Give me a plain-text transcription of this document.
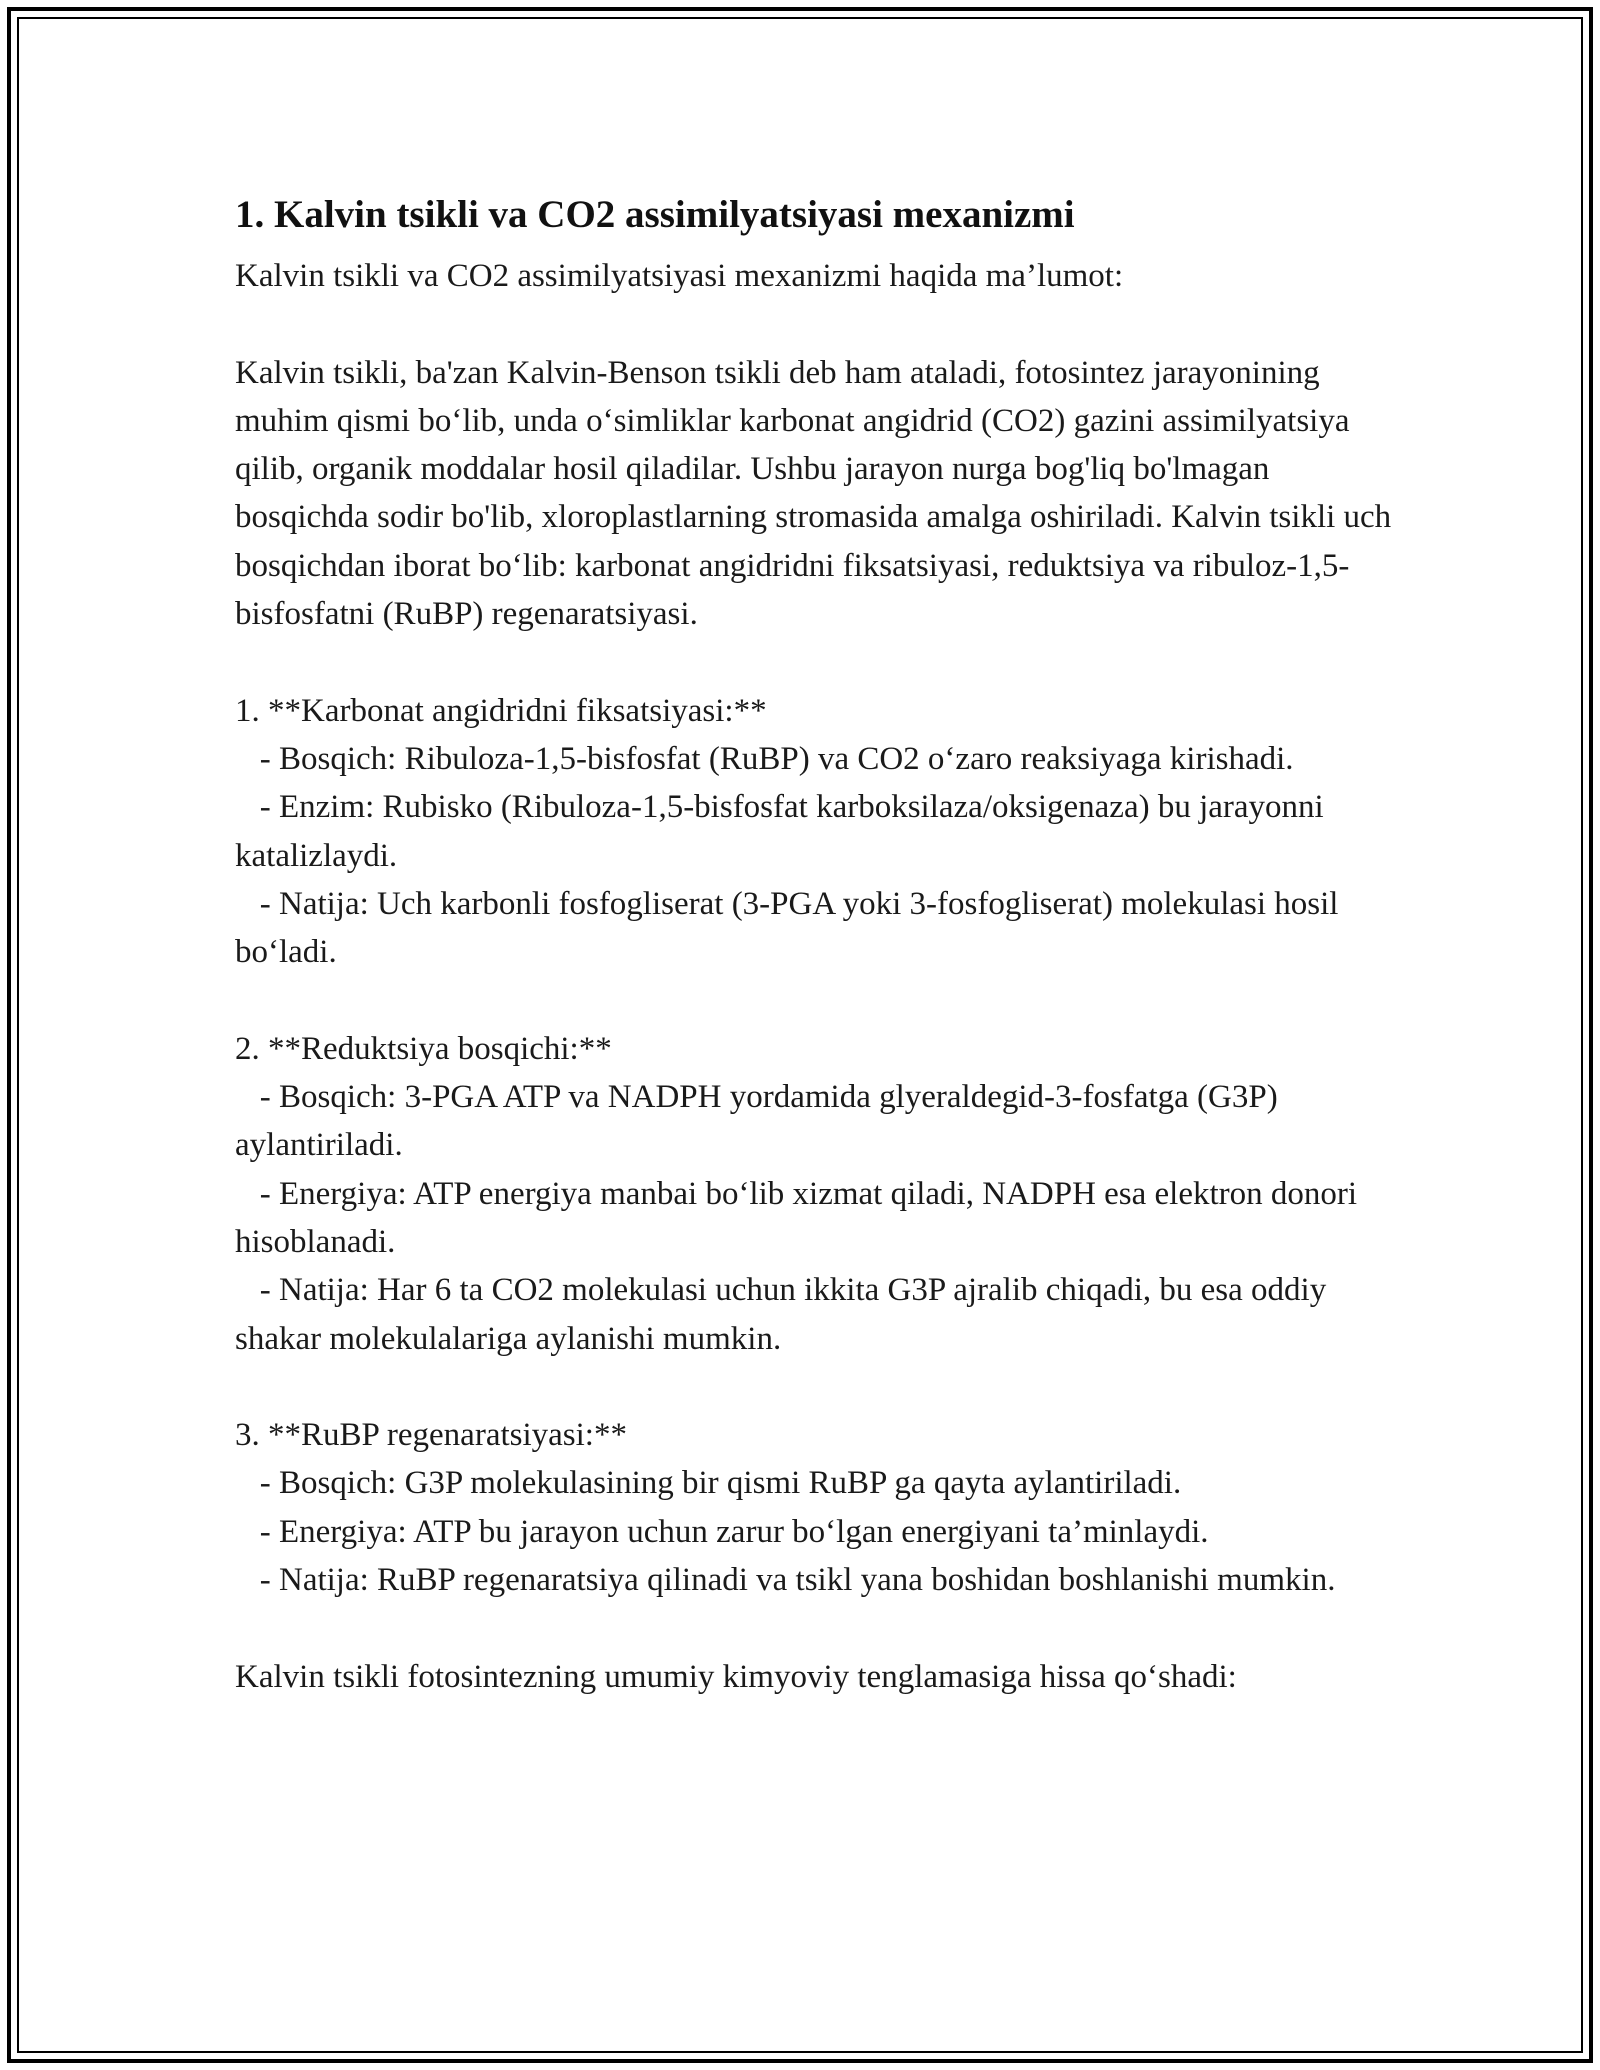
1. Kalvin tsikli va CO2 assimilyatsiyasi mexanizmi

Kalvin tsikli va CO2 assimilyatsiyasi mexanizmi haqida ma’lumot:

Kalvin tsikli, ba'zan Kalvin-Benson tsikli deb ham ataladi, fotosintez jarayonining muhim qismi bo‘lib, unda o‘simliklar karbonat angidrid (CO2) gazini assimilyatsiya qilib, organik moddalar hosil qiladilar. Ushbu jarayon nurga bog'liq bo'lmagan bosqichda sodir bo'lib, xloroplastlarning stromasida amalga oshiriladi. Kalvin tsikli uch bosqichdan iborat bo‘lib: karbonat angidridni fiksatsiyasi, reduktsiya va ribuloz-1,5-bisfosfatni (RuBP) regenaratsiyasi.

1. **Karbonat angidridni fiksatsiyasi:**

- Bosqich: Ribuloza-1,5-bisfosfat (RuBP) va CO2 o‘zaro reaksiyaga kirishadi.

- Enzim: Rubisko (Ribuloza-1,5-bisfosfat karboksilaza/oksigenaza) bu jarayonni katalizlaydi.

- Natija: Uch karbonli fosfogliserat (3-PGA yoki 3-fosfogliserat) molekulasi hosil bo‘ladi.

2. **Reduktsiya bosqichi:**

- Bosqich: 3-PGA ATP va NADPH yordamida glyeraldegid-3-fosfatga (G3P) aylantiriladi.

- Energiya: ATP energiya manbai bo‘lib xizmat qiladi, NADPH esa elektron donori hisoblanadi.

- Natija: Har 6 ta CO2 molekulasi uchun ikkita G3P ajralib chiqadi, bu esa oddiy shakar molekulalariga aylanishi mumkin.

3. **RuBP regenaratsiyasi:**

- Bosqich: G3P molekulasining bir qismi RuBP ga qayta aylantiriladi.

- Energiya: ATP bu jarayon uchun zarur bo‘lgan energiyani ta’minlaydi.

- Natija: RuBP regenaratsiya qilinadi va tsikl yana boshidan boshlanishi mumkin.

Kalvin tsikli fotosintezning umumiy kimyoviy tenglamasiga hissa qo‘shadi:
